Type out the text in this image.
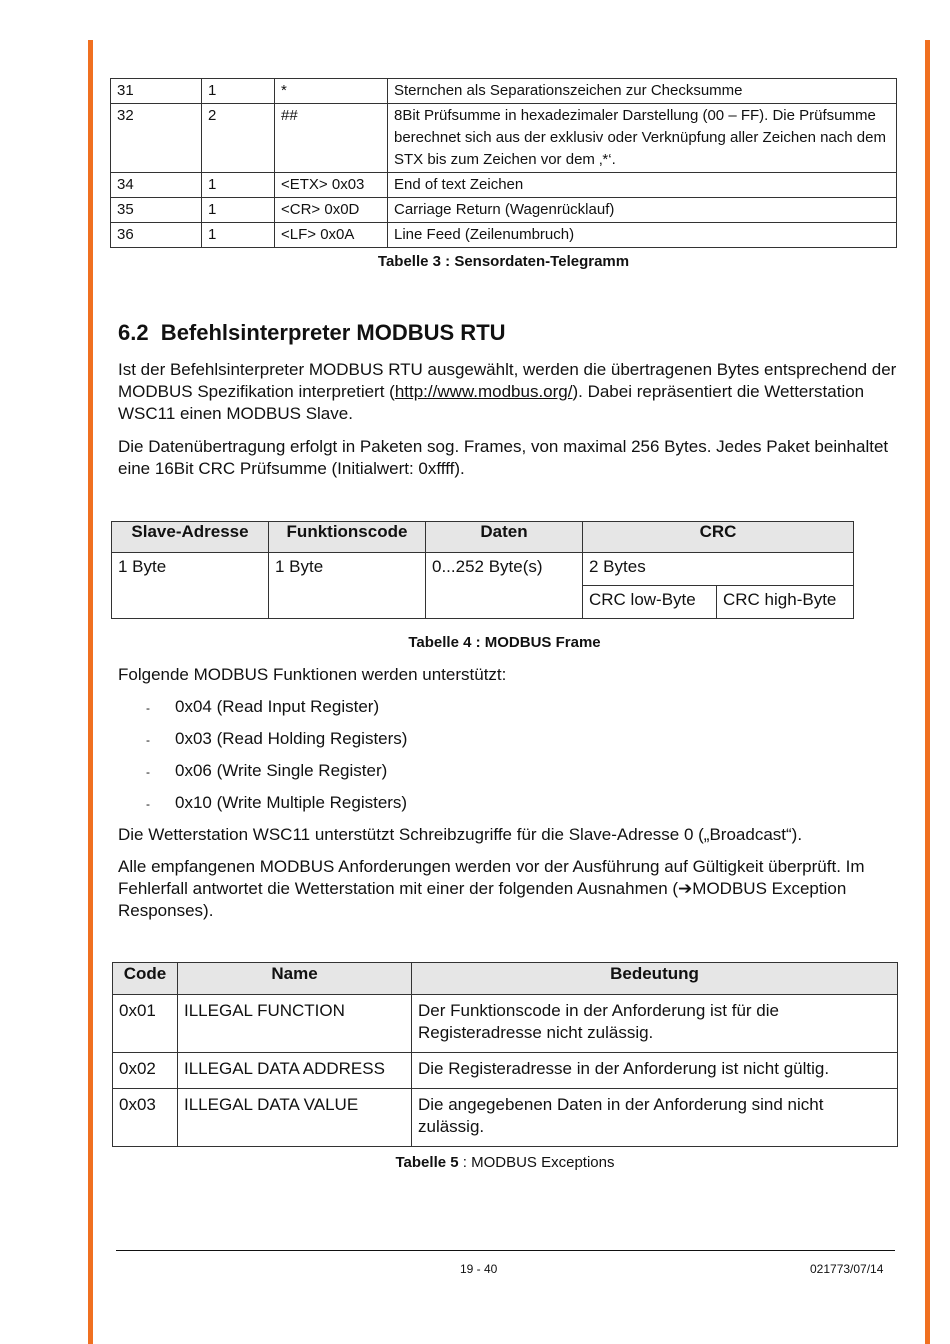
31	1	*	Sternchen als Separationszeichen zur Checksumme
32	2	##	8Bit Prüfsumme in hexadezimaler Darstellung (00 – FF). Die Prüfsumme berechnet sich aus der exklusiv oder Verknüpfung aller Zeichen nach dem STX bis zum Zeichen vor dem ‚*‘.
34	1	<ETX> 0x03	End of text Zeichen
35	1	<CR> 0x0D	Carriage Return (Wagenrücklauf)
36	1	<LF> 0x0A	Line Feed (Zeilenumbruch)
Tabelle 3 : Sensordaten-Telegramm
6.2  Befehlsinterpreter MODBUS RTU

Ist der Befehlsinterpreter MODBUS RTU ausgewählt, werden die übertragenen Bytes entsprechend der MODBUS Spezifikation interpretiert (http://www.modbus.org/). Dabei repräsentiert die Wetterstation WSC11 einen MODBUS Slave.

Die Datenübertragung erfolgt in Paketen sog. Frames, von maximal 256 Bytes. Jedes Paket beinhaltet eine 16Bit CRC Prüfsumme (Initialwert: 0xffff).

Slave-Adresse	Funktionscode	Daten	CRC	
1 Byte	1 Byte	0...252 Byte(s)	2 Bytes	
			CRC low-Byte	CRC high-Byte
Tabelle 4 : MODBUS Frame

Folgende MODBUS Funktionen werden unterstützt:

- 0x04 (Read Input Register)
- 0x03 (Read Holding Registers)
- 0x06 (Write Single Register)
- 0x10 (Write Multiple Registers)

Die Wetterstation WSC11 unterstützt Schreibzugriffe für die Slave-Adresse 0 („Broadcast“).

Alle empfangenen MODBUS Anforderungen werden vor der Ausführung auf Gültigkeit überprüft. Im Fehlerfall antwortet die Wetterstation mit einer der folgenden Ausnahmen (➔MODBUS Exception Responses).

Code	Name	Bedeutung
0x01	ILLEGAL FUNCTION	Der Funktionscode in der Anforderung ist für die Registeradresse nicht zulässig.
0x02	ILLEGAL DATA ADDRESS	Die Registeradresse in der Anforderung ist nicht gültig.
0x03	ILLEGAL DATA VALUE	Die angegebenen Daten in der Anforderung sind nicht zulässig.
Tabelle 5 : MODBUS Exceptions
19 - 40	021773/07/14
